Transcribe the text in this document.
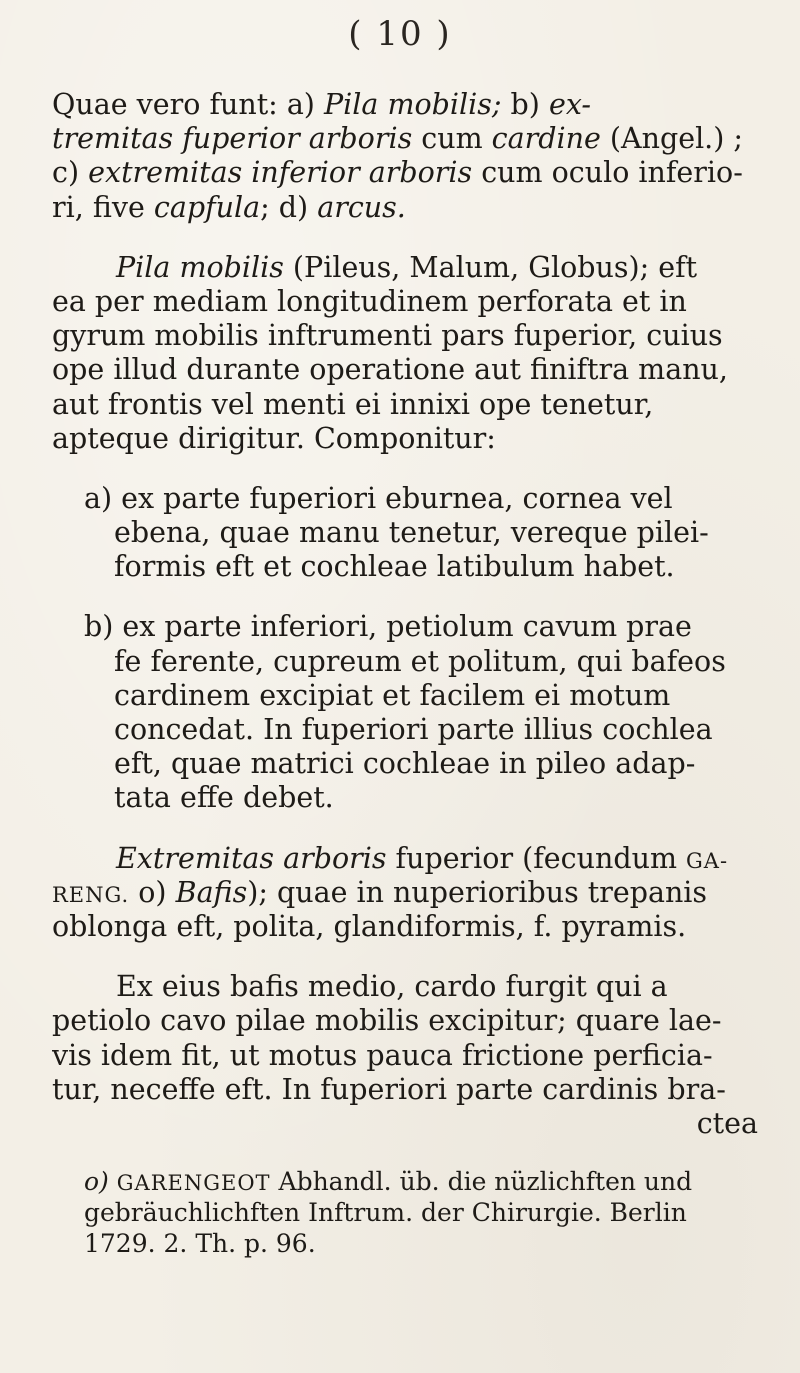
( 10 )
Quae vero funt: a) Pila mobilis; b) ex-
tremitas fuperior arboris cum cardine (Angel.) ;
c) extremitas inferior arboris cum oculo inferio-
ri, five capfula; d) arcus.
Pila mobilis (Pileus, Malum, Globus); eft
ea per mediam longitudinem perforata et in
gyrum mobilis inftrumenti pars fuperior, cuius
ope illud durante operatione aut finiftra manu,
aut frontis vel menti ei innixi ope tenetur,
apteque dirigitur. Componitur:
a) ex parte fuperiori eburnea, cornea vel
ebena, quae manu tenetur, vereque pilei-
formis eft et cochleae latibulum habet.
b) ex parte inferiori, petiolum cavum prae
fe ferente, cupreum et politum, qui bafeos
cardinem excipiat et facilem ei motum
concedat. In fuperiori parte illius cochlea
eft, quae matrici cochleae in pileo adap-
tata effe debet.
Extremitas arboris fuperior (fecundum GA-
RENG. o) Bafis); quae in nuperioribus trepanis
oblonga eft, polita, glandiformis, f. pyramis.
Ex eius bafis medio, cardo furgit qui a
petiolo cavo pilae mobilis excipitur; quare lae-
vis idem fit, ut motus pauca frictione perficia-
tur, neceffe eft. In fuperiori parte cardinis bra-
ctea
o) GARENGEOT Abhandl. üb. die nüzlichften und
gebräuchlichften Inftrum. der Chirurgie. Berlin
1729. 2. Th. p. 96.
